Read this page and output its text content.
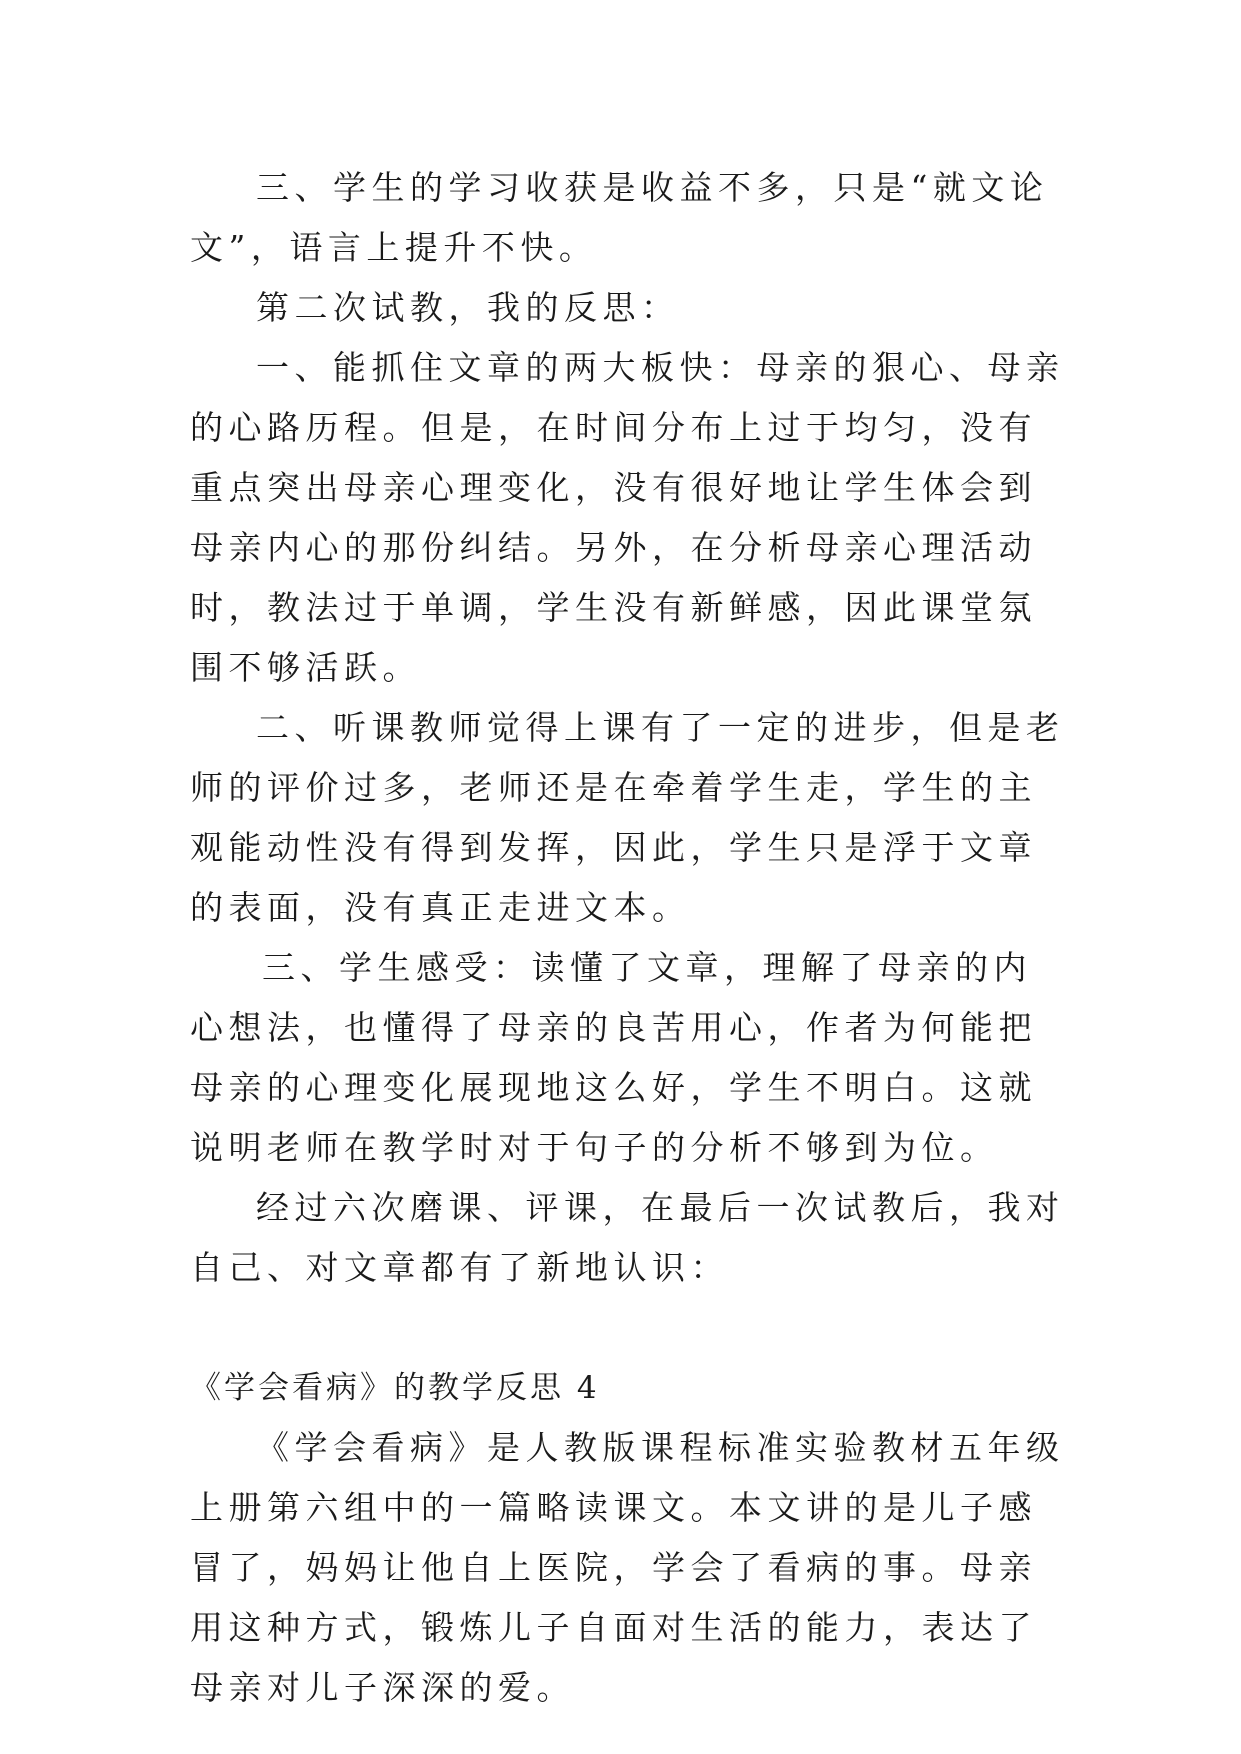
三、学生的学习收获是收益不多，只是“就文论文”，语言上提升不快。

第二次试教，我的反思：

一、能抓住文章的两大板快：母亲的狠心、母亲的心路历程。但是，在时间分布上过于均匀，没有重点突出母亲心理变化，没有很好地让学生体会到母亲内心的那份纠结。另外，在分析母亲心理活动时，教法过于单调，学生没有新鲜感，因此课堂氛围不够活跃。

二、听课教师觉得上课有了一定的进步，但是老师的评价过多，老师还是在牵着学生走，学生的主观能动性没有得到发挥，因此，学生只是浮于文章的表面，没有真正走进文本。

三、学生感受：读懂了文章，理解了母亲的内心想法，也懂得了母亲的良苦用心，作者为何能把母亲的心理变化展现地这么好，学生不明白。这就说明老师在教学时对于句子的分析不够到为位。

经过六次磨课、评课，在最后一次试教后，我对自己、对文章都有了新地认识：

《学会看病》的教学反思 4

《学会看病》是人教版课程标准实验教材五年级上册第六组中的一篇略读课文。本文讲的是儿子感冒了，妈妈让他自上医院，学会了看病的事。母亲用这种方式，锻炼儿子自面对生活的能力，表达了母亲对儿子深深的爱。
